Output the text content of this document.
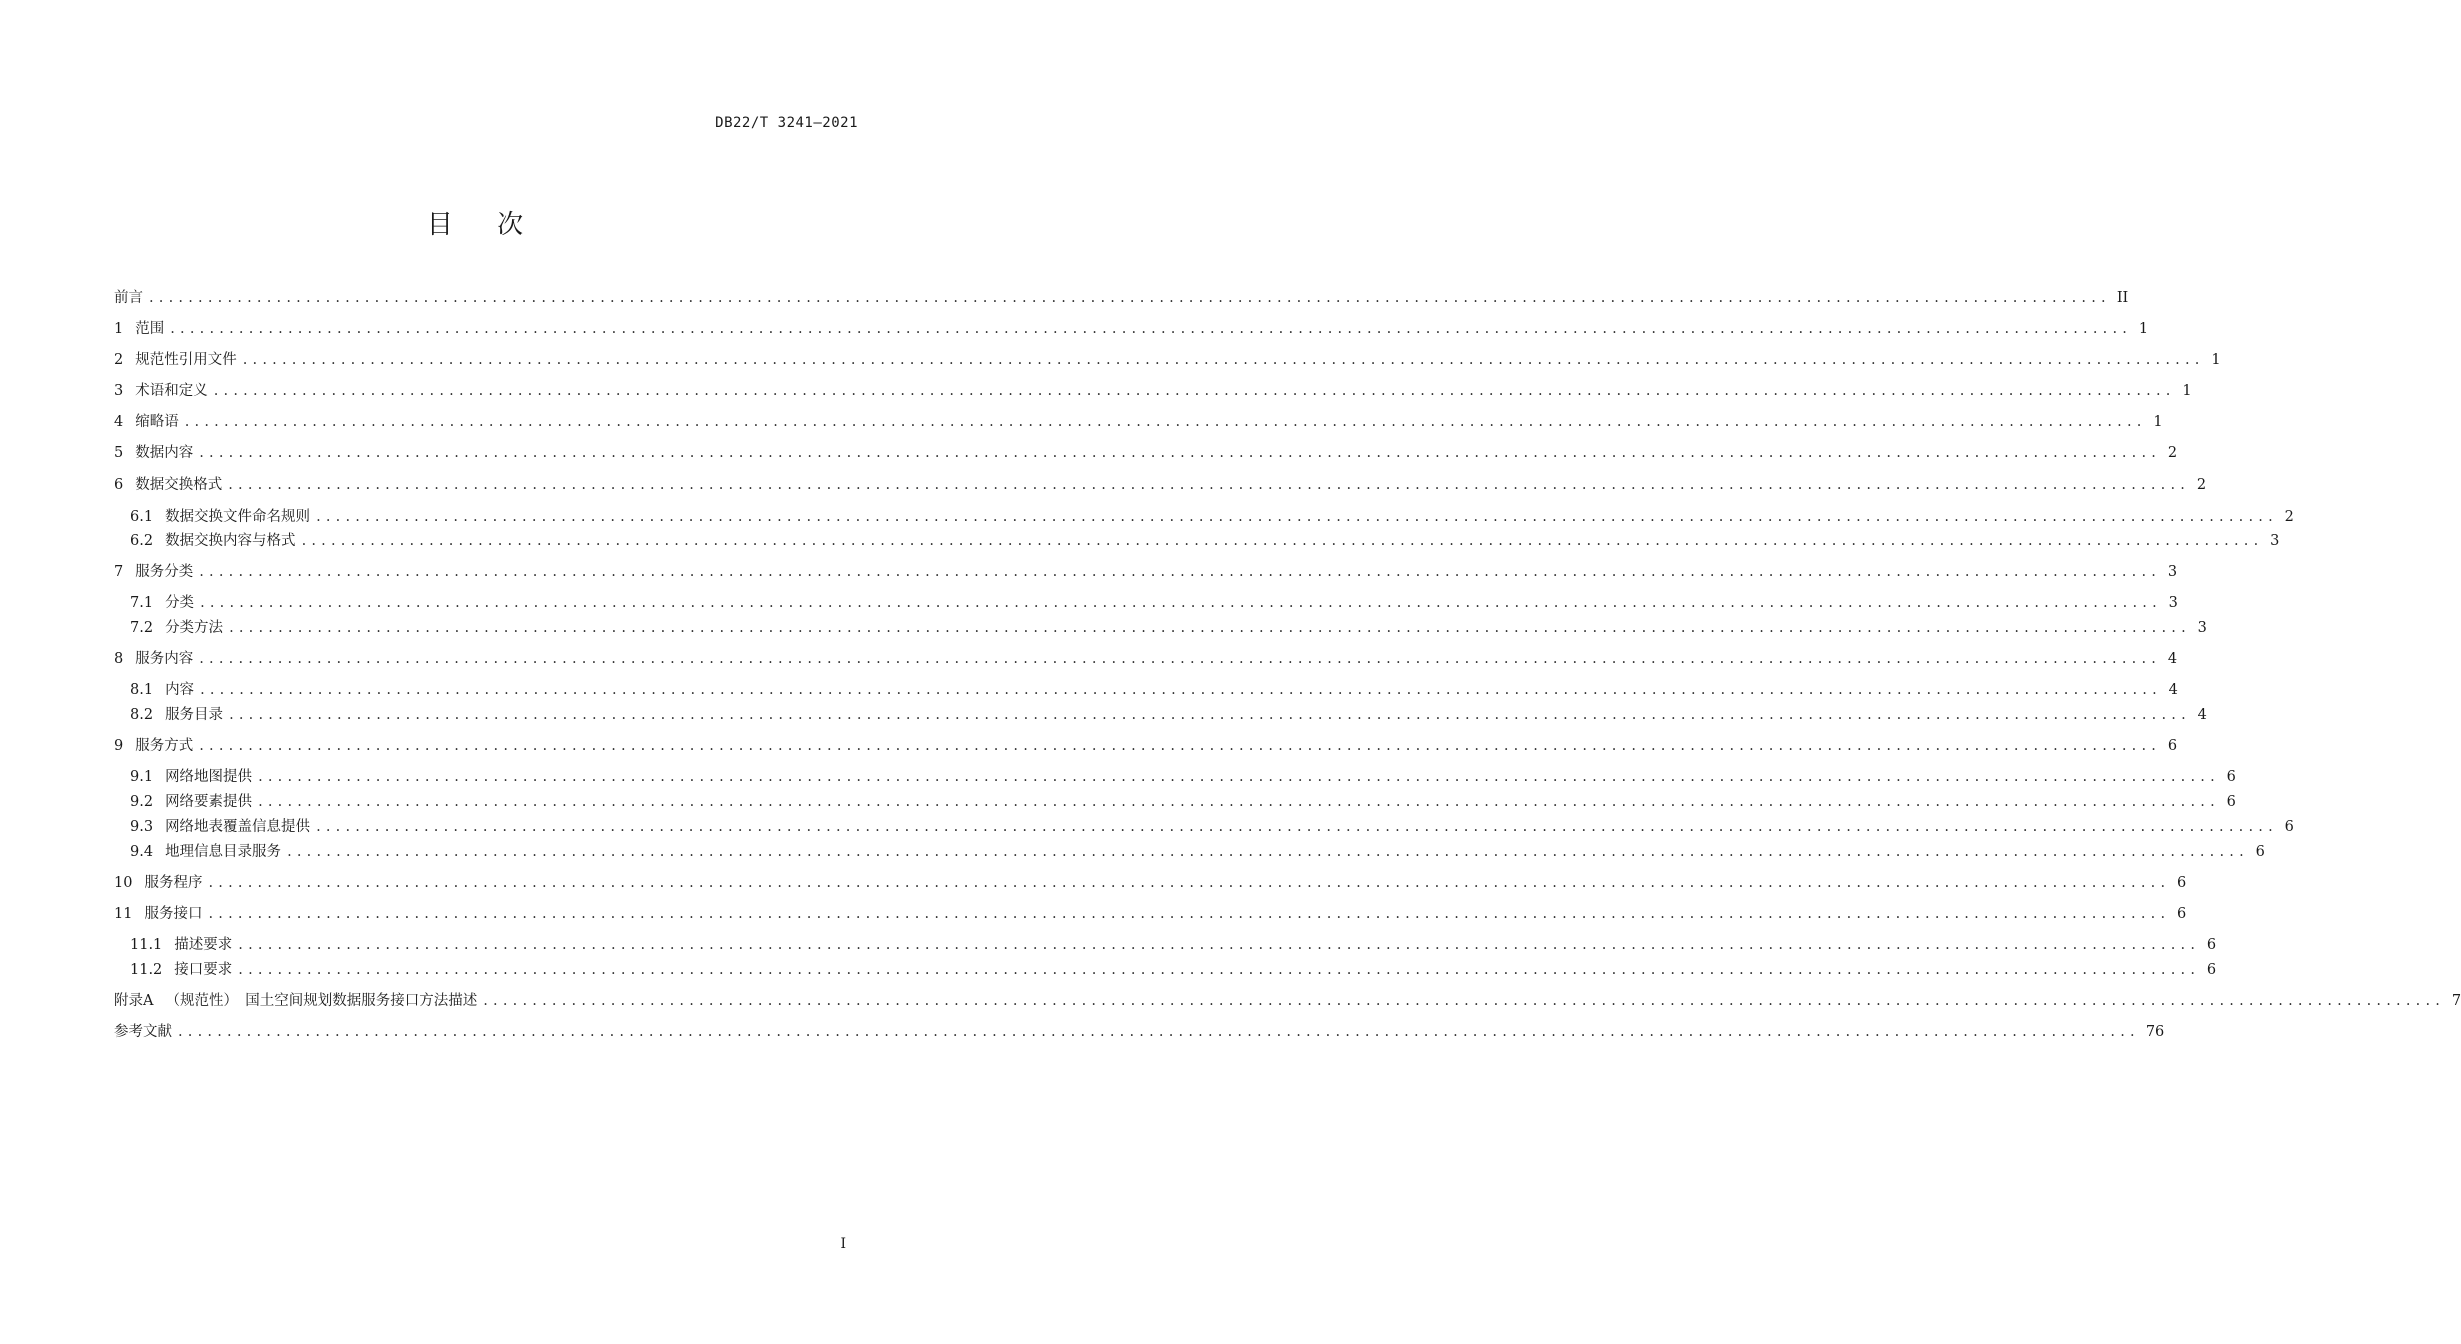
DB22/T 3241—2021
目 次
前言 ........................................................................................................................................................................................................ II
1 范围 ........................................................................................................................................................................................................ 1
2 规范性引用文件 ........................................................................................................................................................................................................ 1
3 术语和定义 ........................................................................................................................................................................................................ 1
4 缩略语 ........................................................................................................................................................................................................ 1
5 数据内容 ........................................................................................................................................................................................................ 2
6 数据交换格式 ........................................................................................................................................................................................................ 2
6.1 数据交换文件命名规则 ........................................................................................................................................................................................................ 2
6.2 数据交换内容与格式 ........................................................................................................................................................................................................ 3
7 服务分类 ........................................................................................................................................................................................................ 3
7.1 分类 ........................................................................................................................................................................................................ 3
7.2 分类方法 ........................................................................................................................................................................................................ 3
8 服务内容 ........................................................................................................................................................................................................ 4
8.1 内容 ........................................................................................................................................................................................................ 4
8.2 服务目录 ........................................................................................................................................................................................................ 4
9 服务方式 ........................................................................................................................................................................................................ 6
9.1 网络地图提供 ........................................................................................................................................................................................................ 6
9.2 网络要素提供 ........................................................................................................................................................................................................ 6
9.3 网络地表覆盖信息提供 ........................................................................................................................................................................................................ 6
9.4 地理信息目录服务 ........................................................................................................................................................................................................ 6
10 服务程序 ........................................................................................................................................................................................................ 6
11 服务接口 ........................................................................................................................................................................................................ 6
11.1 描述要求 ........................................................................................................................................................................................................ 6
11.2 接口要求 ........................................................................................................................................................................................................ 6
附录A （规范性）　国土空间规划数据服务接口方法描述 ........................................................................................................................................................................................................ 7
参考文献 ........................................................................................................................................................................................................ 76
I
